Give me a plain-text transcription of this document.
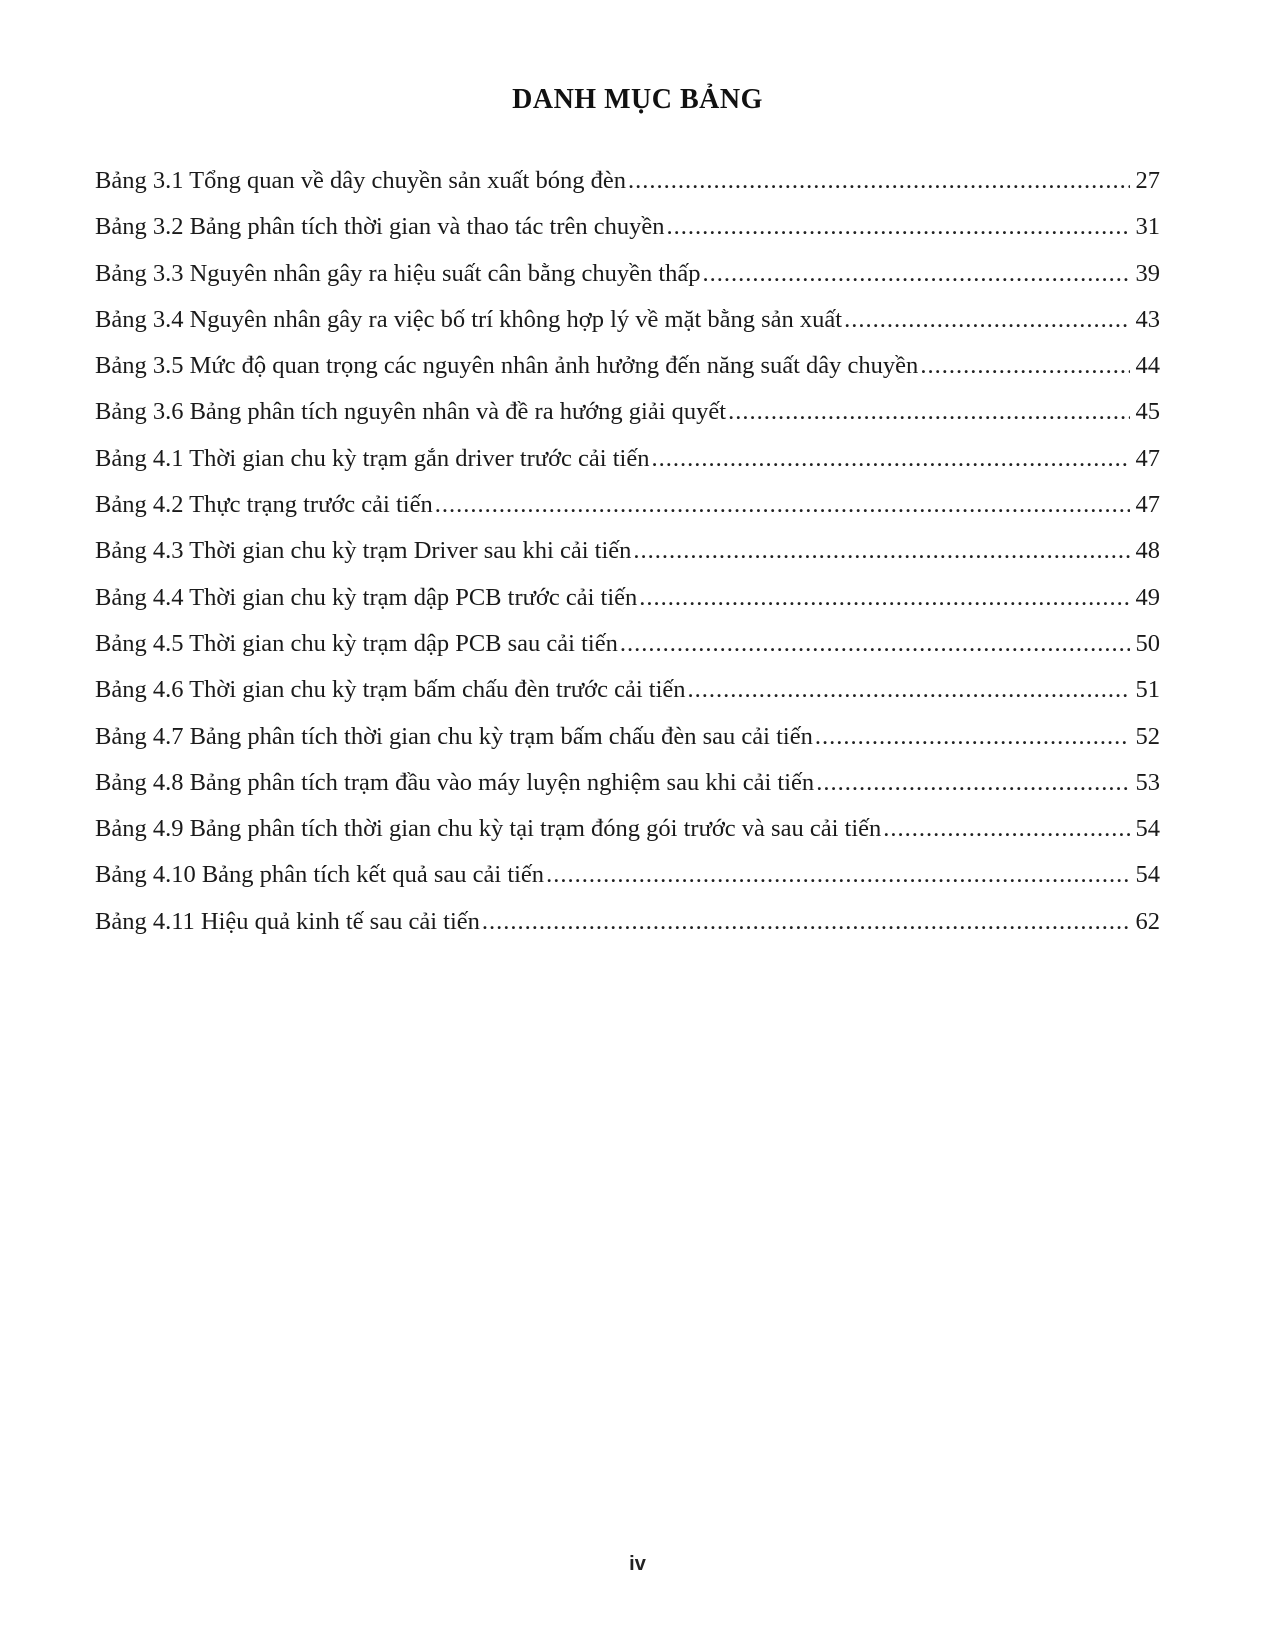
DANH MỤC BẢNG
Bảng 3.1 Tổng quan về dây chuyền sản xuất bóng đèn .....	27
Bảng 3.2 Bảng phân tích thời gian và thao tác trên chuyền .....	31
Bảng 3.3 Nguyên nhân gây ra hiệu suất cân bằng chuyền thấp .....	39
Bảng 3.4 Nguyên nhân gây ra việc bố trí không hợp lý về mặt bằng sản xuất .....	43
Bảng 3.5 Mức độ quan trọng các nguyên nhân ảnh hưởng đến năng suất dây chuyền .....	44
Bảng 3.6 Bảng phân tích nguyên nhân và đề ra hướng giải quyết .....	45
Bảng 4.1 Thời gian chu kỳ trạm gắn driver trước cải tiến .....	47
Bảng 4.2 Thực trạng trước cải tiến .....	47
Bảng 4.3 Thời gian chu kỳ trạm Driver sau khi cải tiến .....	48
Bảng 4.4 Thời gian chu kỳ trạm dập PCB trước cải tiến .....	49
Bảng 4.5 Thời gian chu kỳ trạm dập PCB sau cải tiến .....	50
Bảng 4.6 Thời gian chu kỳ trạm bấm chấu đèn trước cải tiến .....	51
Bảng 4.7 Bảng phân tích thời gian chu kỳ trạm bấm chấu đèn sau cải tiến .....	52
Bảng 4.8 Bảng phân tích trạm đầu vào máy luyện nghiệm sau khi cải tiến .....	53
Bảng 4.9 Bảng phân tích thời gian chu kỳ tại trạm đóng gói trước và sau cải tiến .....	54
Bảng 4.10 Bảng phân tích kết quả sau cải tiến .....	54
Bảng 4.11 Hiệu quả kinh tế sau cải tiến .....	62
iv
